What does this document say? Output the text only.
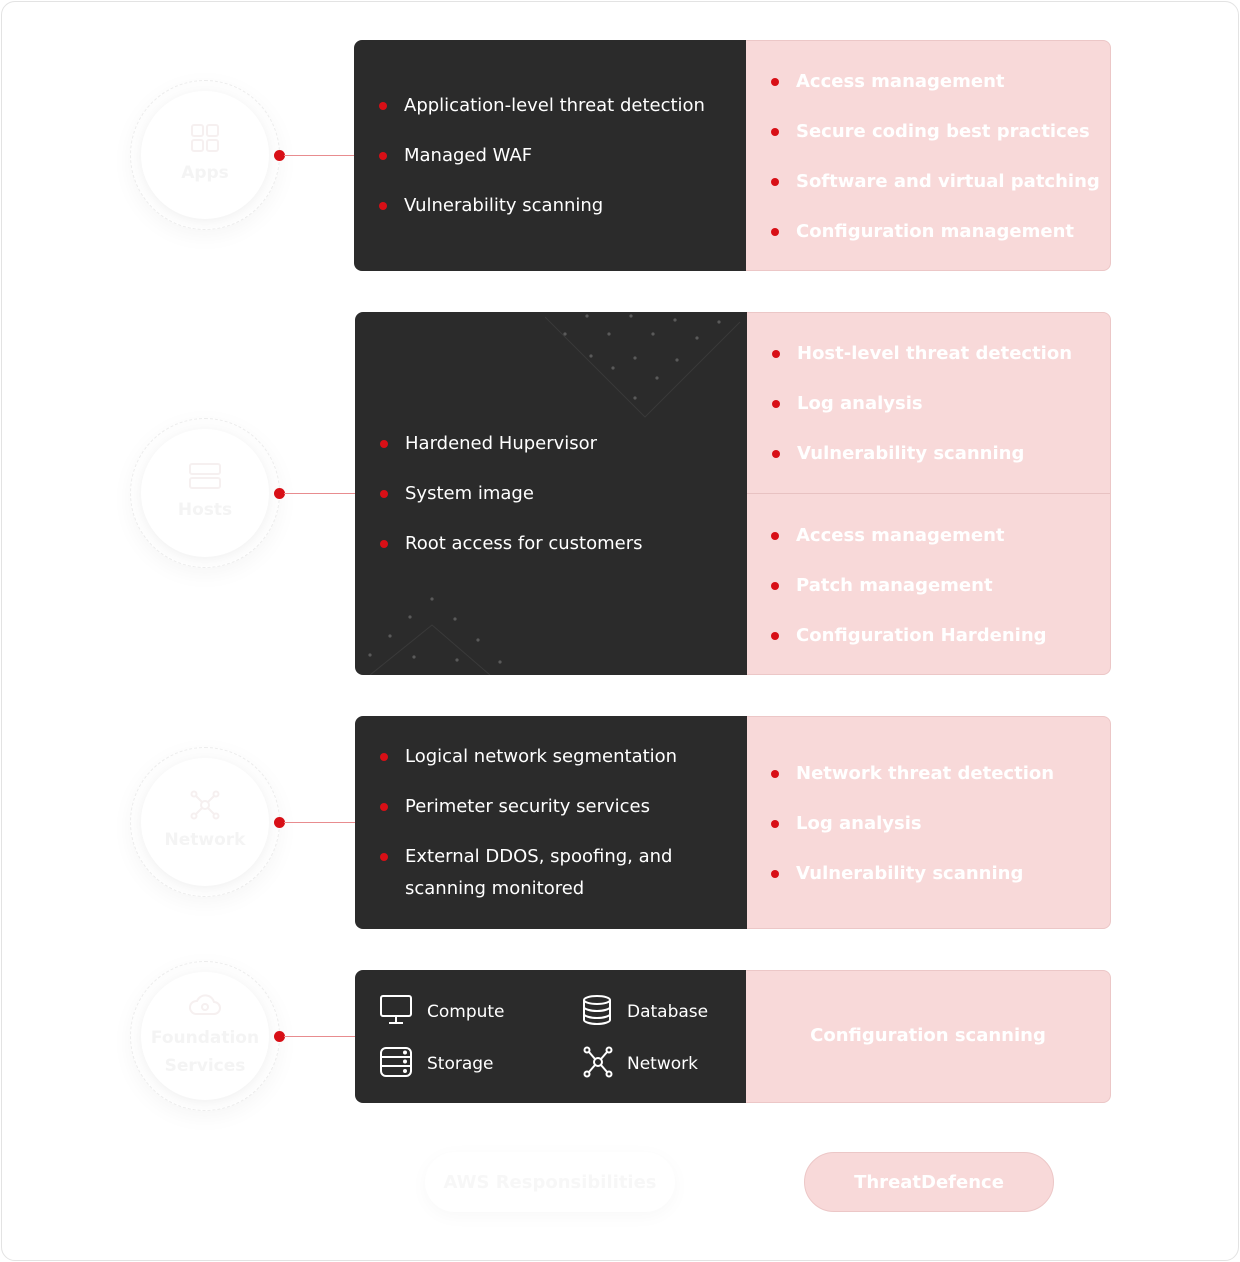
Apps
Application-level threat detection
Managed WAF
Vulnerability scanning
Access management
Secure coding best practices
Software and virtual patching
Configuration management
Hosts
Hardened Hupervisor
System image
Root access for customers
Host-level threat detection
Log analysis
Vulnerability scanning
Access management
Patch management
Configuration Hardening
Network
Logical network segmentation
Perimeter security services
External DDOS, spoofing, and scanning monitored
Network threat detection
Log analysis
Vulnerability scanning
Foundation Services
Compute	Database
Storage	Network
Configuration scanning
AWS Responsibilities	ThreatDefence
